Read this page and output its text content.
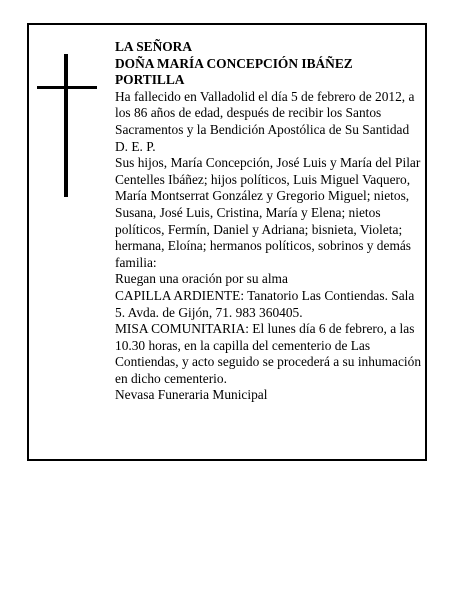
LA SEÑORA

DOÑA MARÍA CONCEPCIÓN IBÁÑEZ PORTILLA

Ha fallecido en Valladolid el día 5 de febrero de 2012, a los 86 años de edad, después de recibir los Santos Sacramentos y la Bendición Apostólica de Su Santidad

D. E. P.

Sus hijos, María Concepción, José Luis y María del Pilar Centelles Ibáñez; hijos políticos, Luis Miguel Vaquero, María Montserrat González y Gregorio Miguel; nietos, Susana, José Luis, Cristina, María y Elena; nietos políticos, Fermín, Daniel y Adriana; bisnieta, Violeta; hermana, Eloína; hermanos políticos, sobrinos y demás familia:

Ruegan una oración por su alma

CAPILLA ARDIENTE: Tanatorio Las Contiendas. Sala 5. Avda. de Gijón, 71. 983 360405.

MISA COMUNITARIA: El lunes día 6 de febrero, a las 10.30 horas, en la capilla del cementerio de Las Contiendas, y acto seguido se procederá a su inhumación en dicho cementerio.

Nevasa Funeraria Municipal
